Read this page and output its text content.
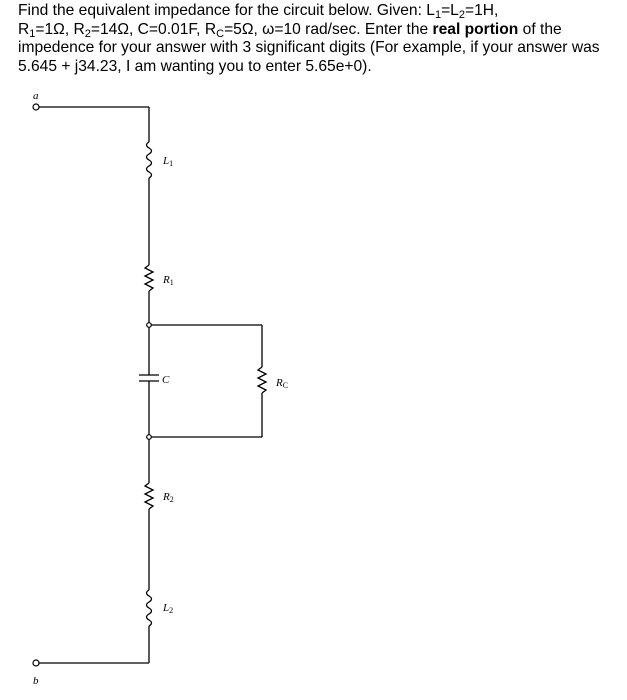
Find the equivalent impedance for the circuit below. Given: $L_1=L_2=1H$,
$R_1=1\Omega$, $R_2=14\Omega$, C=0.01F, $R_C=5\Omega$, ω=10 rad/sec. Enter the real portion of the impedence for your answer with 3 significant digits (For example, if your answer was 5.645 + j34.23, I am wanting you to enter 5.65e+0).

a
b
L1
R1
C	RC
R2
L2
